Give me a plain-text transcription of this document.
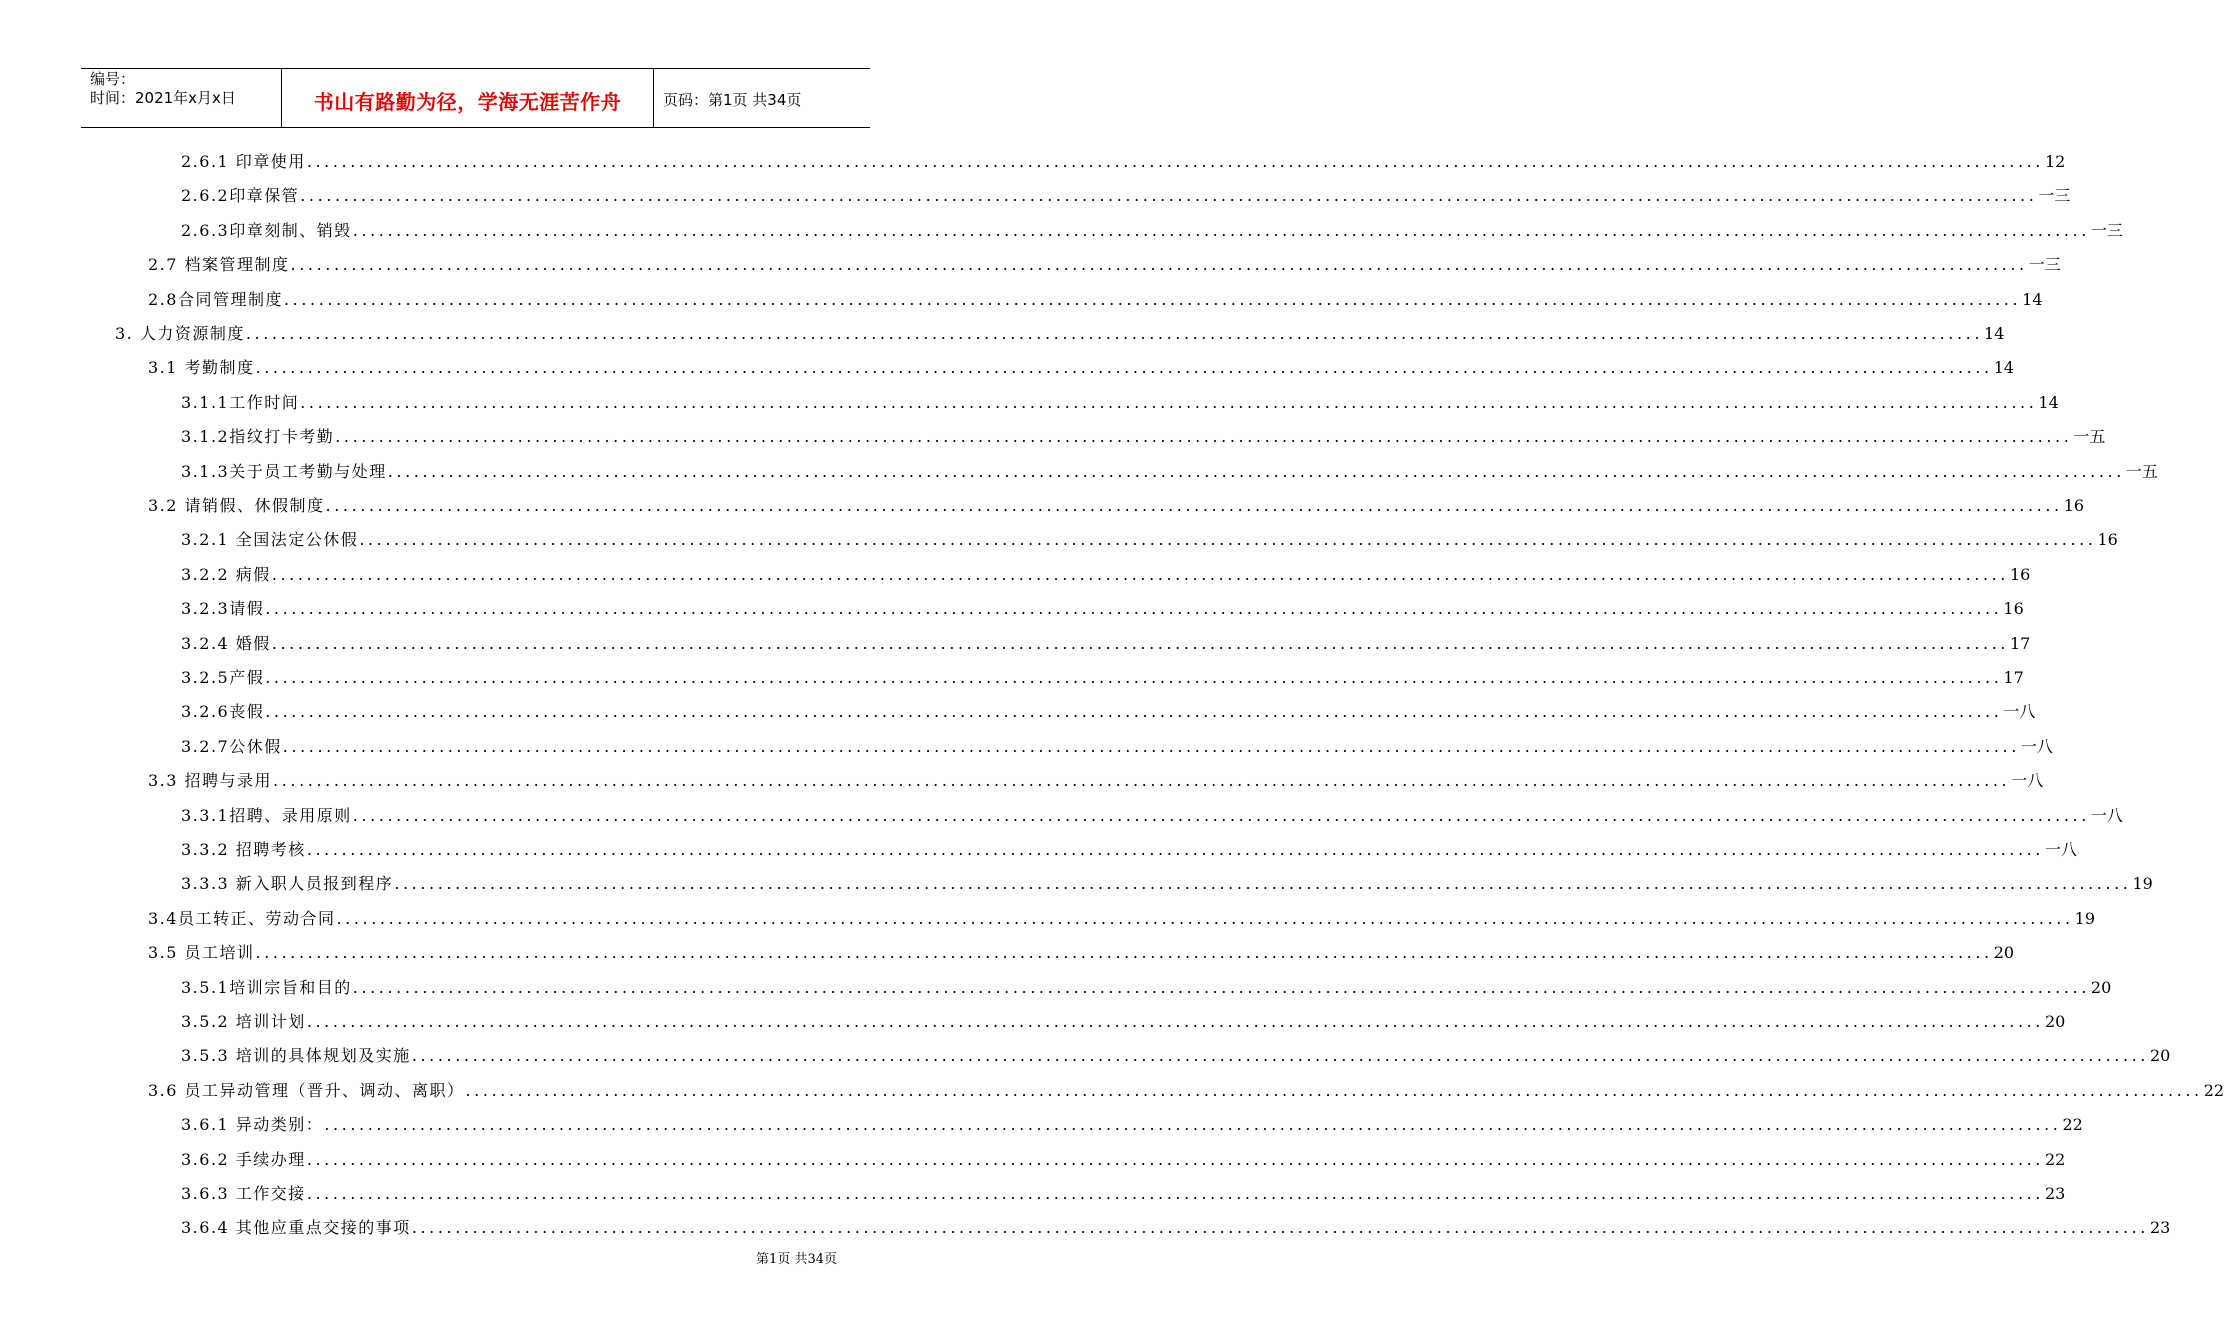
编号：
时间：2021年x月x日	书山有路勤为径，学海无涯苦作舟	页码：第1页 共34页
2.6.1 印章使用 ........................................................................................................................................................................................................ 12
2.6.2印章保管 ........................................................................................................................................................................................................ 一三
2.6.3印章刻制、销毁 ........................................................................................................................................................................................................ 一三
2.7 档案管理制度 ........................................................................................................................................................................................................ 一三
2.8合同管理制度 ........................................................................................................................................................................................................ 14
3. 人力资源制度 ........................................................................................................................................................................................................ 14
3.1 考勤制度 ........................................................................................................................................................................................................ 14
3.1.1工作时间 ........................................................................................................................................................................................................ 14
3.1.2指纹打卡考勤 ........................................................................................................................................................................................................ 一五
3.1.3关于员工考勤与处理 ........................................................................................................................................................................................................ 一五
3.2 请销假、休假制度 ........................................................................................................................................................................................................ 16
3.2.1 全国法定公休假 ........................................................................................................................................................................................................ 16
3.2.2 病假 ........................................................................................................................................................................................................ 16
3.2.3请假 ........................................................................................................................................................................................................ 16
3.2.4 婚假 ........................................................................................................................................................................................................ 17
3.2.5产假 ........................................................................................................................................................................................................ 17
3.2.6丧假 ........................................................................................................................................................................................................ 一八
3.2.7公休假 ........................................................................................................................................................................................................ 一八
3.3 招聘与录用 ........................................................................................................................................................................................................ 一八
3.3.1招聘、录用原则 ........................................................................................................................................................................................................ 一八
3.3.2 招聘考核 ........................................................................................................................................................................................................ 一八
3.3.3 新入职人员报到程序 ........................................................................................................................................................................................................ 19
3.4员工转正、劳动合同 ........................................................................................................................................................................................................ 19
3.5 员工培训 ........................................................................................................................................................................................................ 20
3.5.1培训宗旨和目的 ........................................................................................................................................................................................................ 20
3.5.2 培训计划 ........................................................................................................................................................................................................ 20
3.5.3 培训的具体规划及实施 ........................................................................................................................................................................................................ 20
3.6 员工异动管理（晋升、调动、离职） ........................................................................................................................................................................................................ 22
3.6.1 异动类别： ........................................................................................................................................................................................................ 22
3.6.2 手续办理 ........................................................................................................................................................................................................ 22
3.6.3 工作交接 ........................................................................................................................................................................................................ 23
3.6.4 其他应重点交接的事项 ........................................................................................................................................................................................................ 23
第1页 共34页
